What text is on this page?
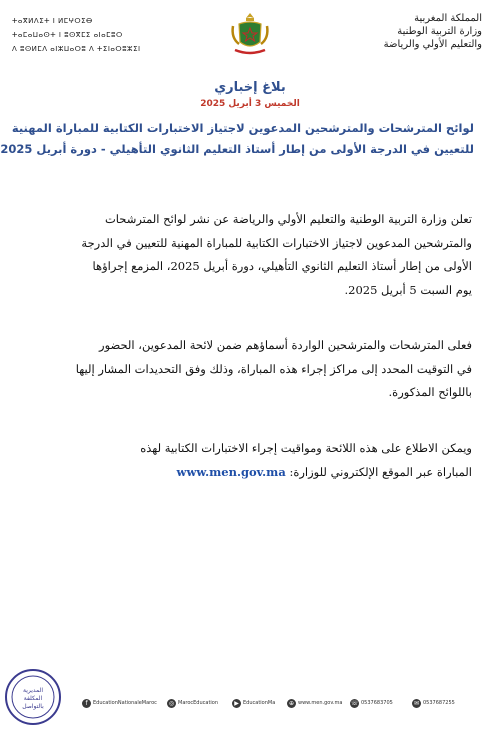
ⵜⴰⴳⵍⴷⵉⵜ ⵏ ⵍⵎⵖⵔⵉⴱ
ⵜⴰⵎⴰⵡⴰⵙⵜ ⵏ ⵓⵙⴳⵎⵉ ⴰⵏⴰⵎⵓⵔ
ⴷ ⵓⵙⵍⵎⴷ ⴰⵏⵣⵡⴰⵔⵓ ⴷ ⵜⵉⵏⴰⵔⵓⵣⵉⵏ
المملكة المغربية
وزارة التربية الوطنية
والتعليم الأولي والرياضة
بلاغ إخباري
الخميس 3 أبريل 2025
لوائح المترشحات والمترشحين المدعوين لاجتياز الاختبارات الكتابية للمباراة المهنية
للتعيين في الدرجة الأولى من إطار أستاذ التعليم الثانوي التأهيلي - دورة أبريل 2025
تعلن وزارة التربية الوطنية والتعليم الأولي والرياضة عن نشر لوائح المترشحات
والمترشحين المدعوين لاجتياز الاختبارات الكتابية للمباراة المهنية للتعيين في الدرجة
الأولى من إطار أستاذ التعليم الثانوي التأهيلي، دورة أبريل 2025، المزمع إجراؤها
يوم السبت 5 أبريل 2025.
فعلى المترشحات والمترشحين الواردة أسماؤهم ضمن لائحة المدعوين، الحضور
في التوقيت المحدد إلى مراكز إجراء هذه المباراة، وذلك وفق التحديدات المشار إليها
باللوائح المذكورة.
ويمكن الاطلاع على هذه اللائحة ومواقيت إجراء الاختبارات الكتابية لهذه
المباراة عبر الموقع الإلكتروني للوزارة: www.men.gov.ma
المديرية
المكلفة
بالتواصل	f	EducationNationaleMaroc	◎ MarocEducation	▶ EducationMa	⊕ www.men.gov.ma ☏ 0537683705	✉ 0537687255
